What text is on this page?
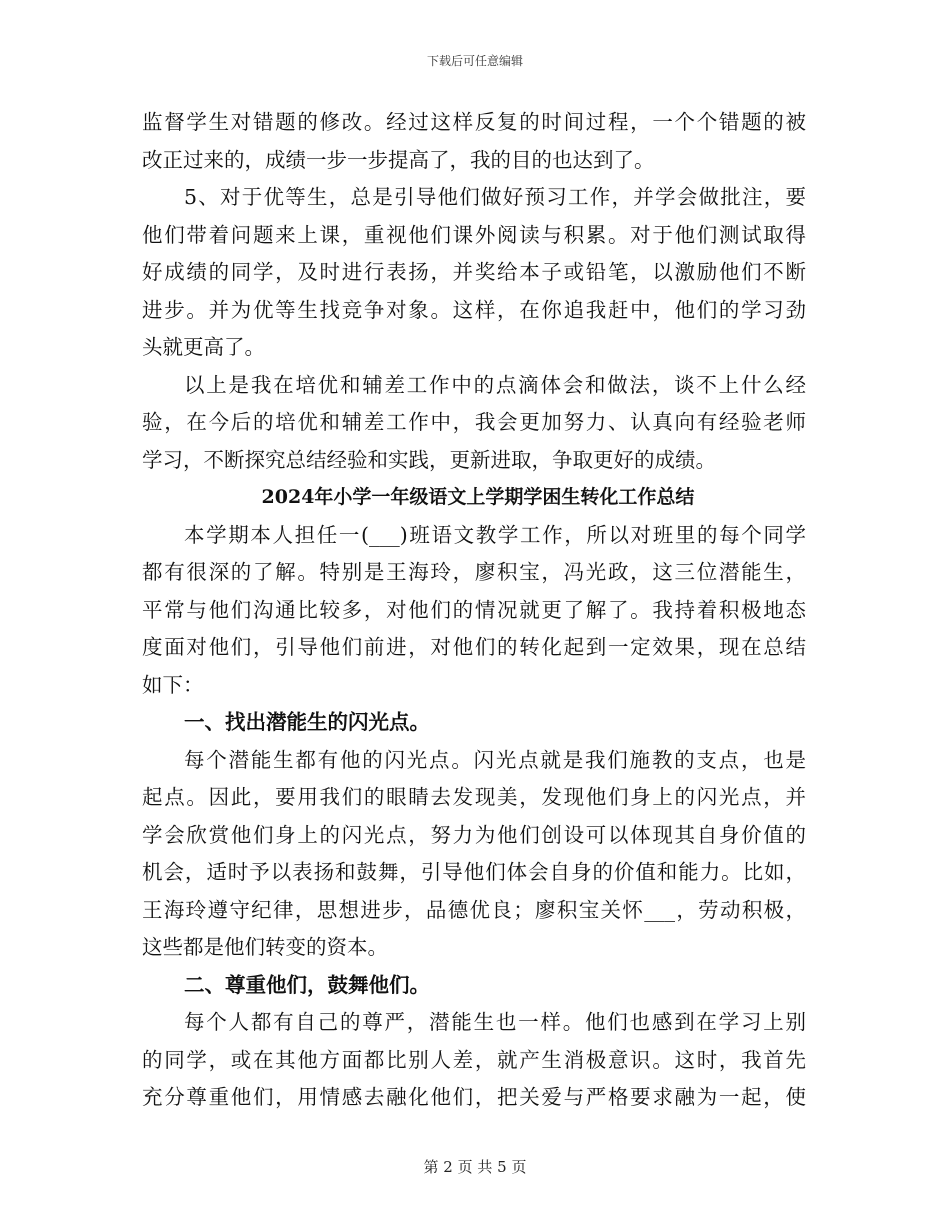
下载后可任意编辑
监督学生对错题的修改。经过这样反复的时间过程，一个个错题的被
改正过来的，成绩一步一步提高了，我的目的也达到了。
5、对于优等生，总是引导他们做好预习工作，并学会做批注，要
他们带着问题来上课，重视他们课外阅读与积累。对于他们测试取得
好成绩的同学，及时进行表扬，并奖给本子或铅笔，以激励他们不断
进步。并为优等生找竞争对象。这样，在你追我赶中，他们的学习劲
头就更高了。
以上是我在培优和辅差工作中的点滴体会和做法，谈不上什么经
验，在今后的培优和辅差工作中，我会更加努力、认真向有经验老师
学习，不断探究总结经验和实践，更新进取，争取更好的成绩。
2024年小学一年级语文上学期学困生转化工作总结
本学期本人担任一(___)班语文教学工作，所以对班里的每个同学
都有很深的了解。特别是王海玲，廖积宝，冯光政，这三位潜能生，
平常与他们沟通比较多，对他们的情况就更了解了。我持着积极地态
度面对他们，引导他们前进，对他们的转化起到一定效果，现在总结
如下：
一、找出潜能生的闪光点。
每个潜能生都有他的闪光点。闪光点就是我们施教的支点，也是
起点。因此，要用我们的眼睛去发现美，发现他们身上的闪光点，并
学会欣赏他们身上的闪光点，努力为他们创设可以体现其自身价值的
机会，适时予以表扬和鼓舞，引导他们体会自身的价值和能力。比如，
王海玲遵守纪律，思想进步，品德优良；廖积宝关怀___，劳动积极，
这些都是他们转变的资本。
二、尊重他们，鼓舞他们。
每个人都有自己的尊严，潜能生也一样。他们也感到在学习上别
的同学，或在其他方面都比别人差，就产生消极意识。这时，我首先
充分尊重他们，用情感去融化他们，把关爱与严格要求融为一起，使
第 2 页 共 5 页
